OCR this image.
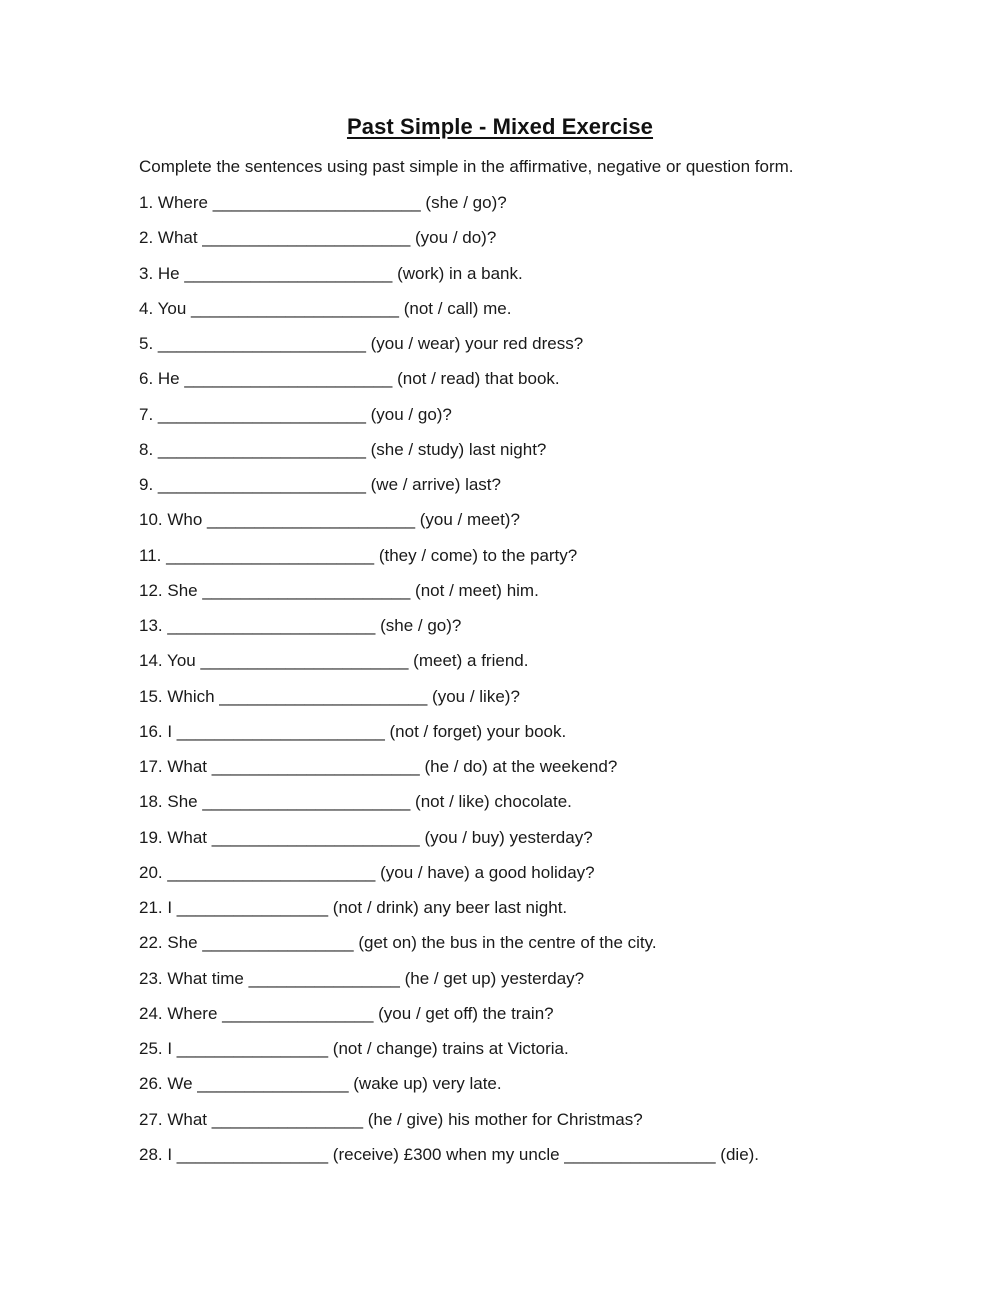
Past Simple - Mixed Exercise
Complete the sentences using past simple in the affirmative, negative or question form.
1. Where ______________________ (she / go)?
2. What ______________________ (you / do)?
3. He ______________________ (work) in a bank.
4. You ______________________ (not / call) me.
5. ______________________ (you / wear) your red dress?
6. He ______________________ (not / read) that book.
7. ______________________ (you / go)?
8. ______________________ (she / study) last night?
9. ______________________ (we / arrive) last?
10. Who ______________________ (you / meet)?
11. ______________________ (they / come) to the party?
12. She ______________________ (not / meet) him.
13. ______________________ (she / go)?
14. You ______________________ (meet) a friend.
15. Which ______________________ (you / like)?
16. I ______________________ (not / forget) your book.
17. What ______________________ (he / do) at the weekend?
18. She ______________________ (not / like) chocolate.
19. What ______________________ (you / buy) yesterday?
20. ______________________ (you / have) a good holiday?
21. I ________________ (not / drink) any beer last night.
22. She ________________ (get on) the bus in the centre of the city.
23. What time ________________ (he / get up) yesterday?
24. Where ________________ (you / get off) the train?
25. I ________________ (not / change) trains at Victoria.
26. We ________________ (wake up) very late.
27. What ________________ (he / give) his mother for Christmas?
28. I ________________ (receive) £300 when my uncle ________________ (die).
